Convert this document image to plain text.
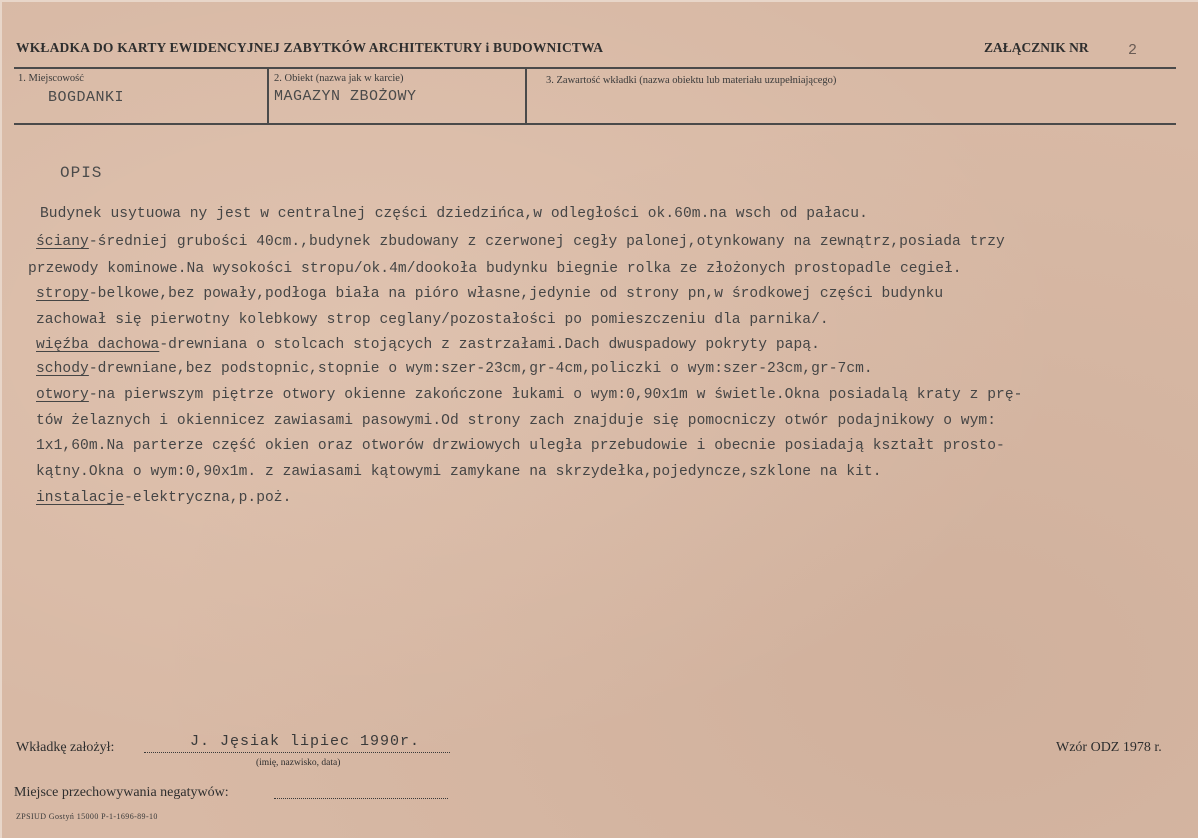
WKŁADKA DO KARTY EWIDENCYJNEJ ZABYTKÓW ARCHITEKTURY i BUDOWNICTWA	ZAŁĄCZNIK NR	2
1. Miejscowość
BOGDANKI
2. Obiekt (nazwa jak w karcie)
MAGAZYN ZBOŻOWY
3. Zawartość wkładki (nazwa obiektu lub materiału uzupełniającego)
OPIS
Budynek usytuowa ny jest w centralnej części dziedzińca,w odległości ok.60m.na wsch od pałacu.
ściany-średniej grubości 40cm.,budynek zbudowany z czerwonej cegły palonej,otynkowany na zewnątrz,posiada trzy
przewody kominowe.Na wysokości stropu/ok.4m/dookoła budynku biegnie rolka ze złożonych prostopadle cegieł.
stropy-belkowe,bez powały,podłoga biała na pióro własne,jedynie od strony pn,w środkowej części budynku
zachował się pierwotny kolebkowy strop ceglany/pozostałości po pomieszczeniu dla parnika/.
więźba dachowa-drewniana o stolcach stojących z zastrzałami.Dach dwuspadowy pokryty papą.
schody-drewniane,bez podstopnic,stopnie o wym:szer-23cm,gr-4cm,policzki o wym:szer-23cm,gr-7cm.
otwory-na pierwszym piętrze otwory okienne zakończone łukami o wym:0,90x1m w świetle.Okna posiadalą kraty z prę-
tów żelaznych i okiennicez zawiasami pasowymi.Od strony zach znajduje się pomocniczy otwór podajnikowy o wym:
1x1,60m.Na parterze część okien oraz otworów drzwiowych uległa przebudowie i obecnie posiadają kształt prosto-
kątny.Okna o wym:0,90x1m. z zawiasami kątowymi zamykane na skrzydełka,pojedyncze,szklone na kit.
instalacje-elektryczna,p.poż.
Wkładkę założył:	J. Jęsiak lipiec 1990r.
(imię, nazwisko, data)
Wzór ODZ 1978 r.
Miejsce przechowywania negatywów:
ZPSIUD Gostyń 15000 P-1-1696-89-10
